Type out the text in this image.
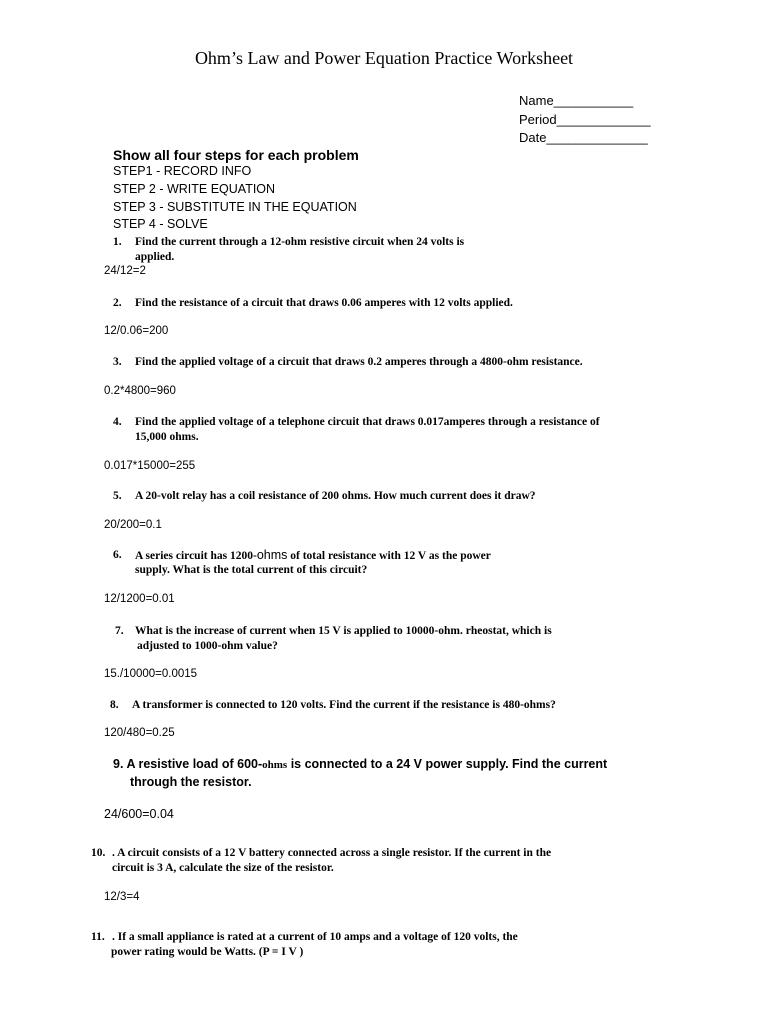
Ohm’s Law and Power Equation Practice Worksheet
Name___________
Period_____________
Date______________
Show all four steps for each problem
STEP1 - RECORD INFO
STEP 2 - WRITE EQUATION
STEP 3 - SUBSTITUTE IN THE EQUATION
STEP 4 - SOLVE
1. Find the current through a 12-ohm resistive circuit when 24 volts is
applied.
24/12=2
2. Find the resistance of a circuit that draws 0.06 amperes with 12 volts applied.
12/0.06=200
3. Find the applied voltage of a circuit that draws 0.2 amperes through a 4800-ohm resistance.
0.2*4800=960
4. Find the applied voltage of a telephone circuit that draws 0.017amperes through a resistance of
15,000 ohms.
0.017*15000=255
5. A 20-volt relay has a coil resistance of 200 ohms. How much current does it draw?
20/200=0.1
6. A series circuit has 1200-ohms of total resistance with 12 V as the power
supply. What is the total current of this circuit?
12/1200=0.01
7. What is the increase of current when 15 V is applied to 10000-ohm. rheostat, which is
adjusted to 1000-ohm value?
15./10000=0.0015
8. A transformer is connected to 120 volts. Find the current if the resistance is 480-ohms?
120/480=0.25
9. A resistive load of 600-ohms is connected to a 24 V power supply. Find the current
through the resistor.
24/600=0.04
10. . A circuit consists of a 12 V battery connected across a single resistor. If the current in the
circuit is 3 A, calculate the size of the resistor.
12/3=4
11. . If a small appliance is rated at a current of 10 amps and a voltage of 120 volts, the
power rating would be Watts. (P = I V )
